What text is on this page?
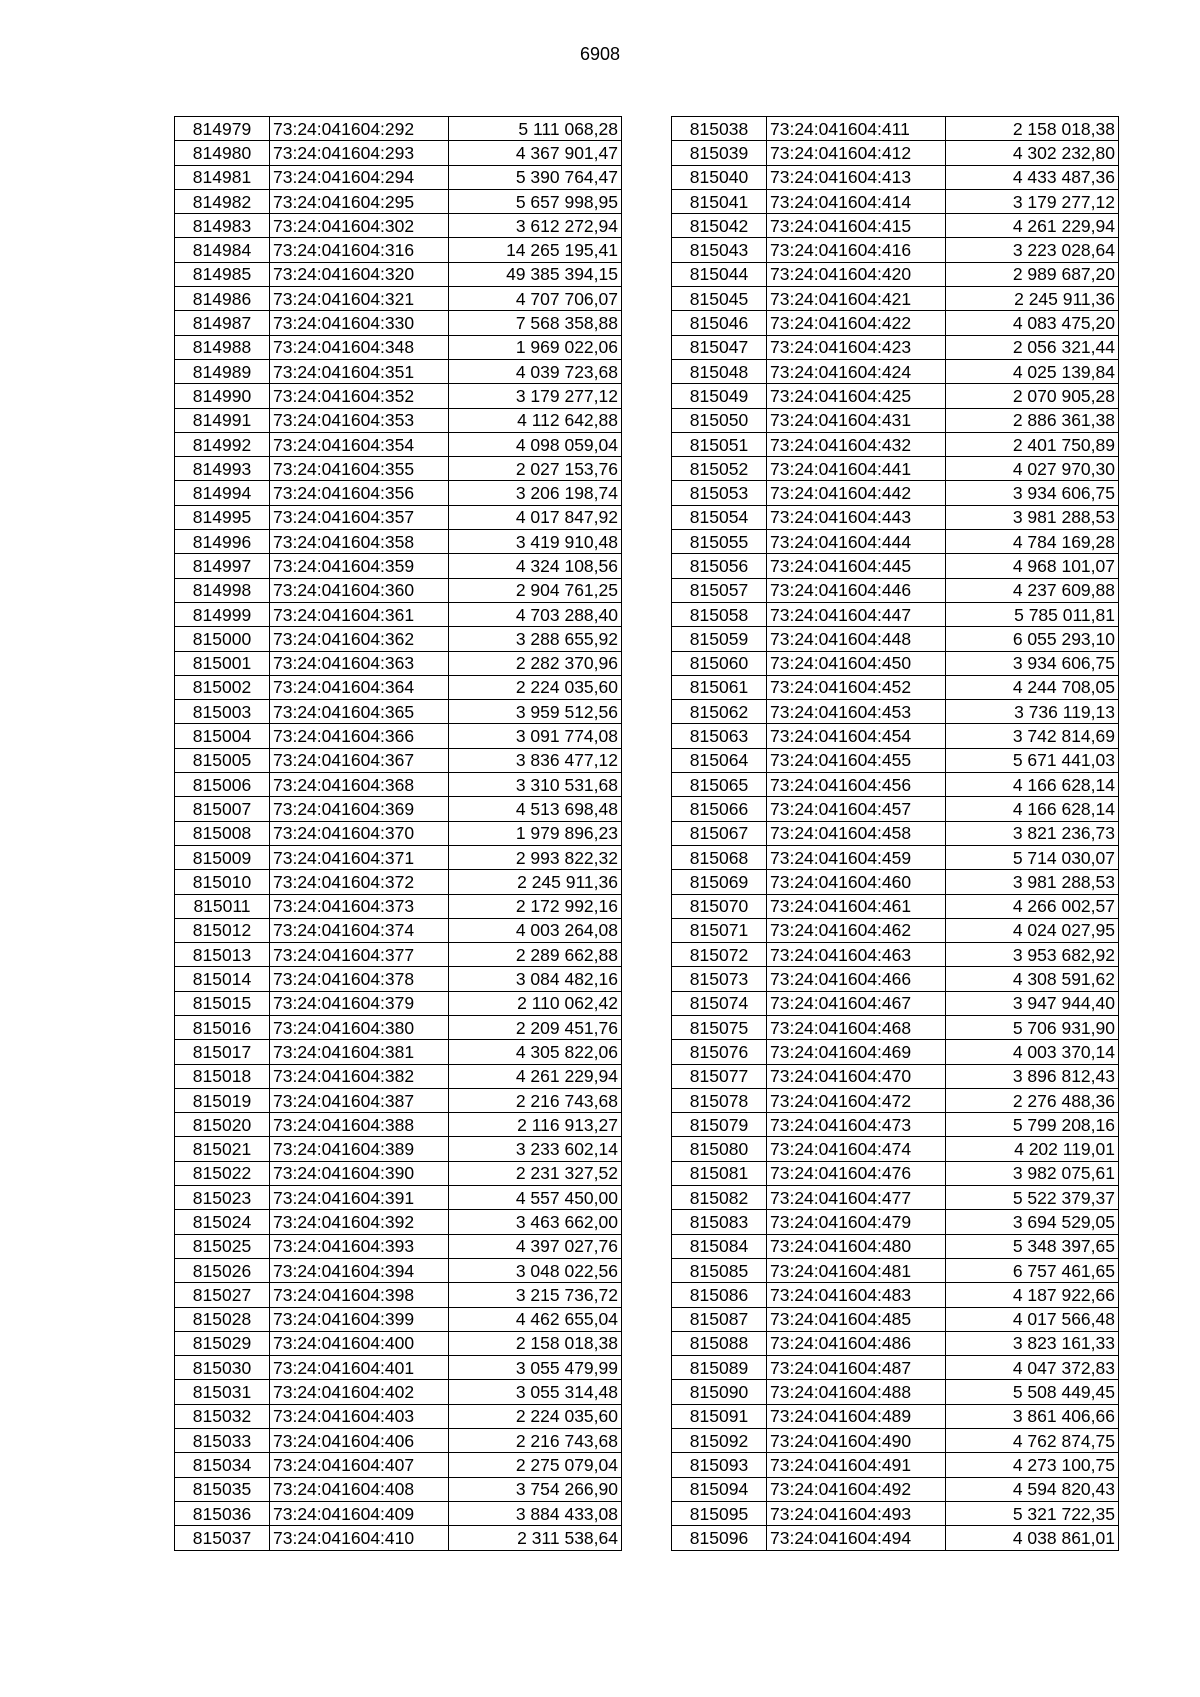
6908
814979	73:24:041604:292	5 111 068,28
814980	73:24:041604:293	4 367 901,47
814981	73:24:041604:294	5 390 764,47
814982	73:24:041604:295	5 657 998,95
814983	73:24:041604:302	3 612 272,94
814984	73:24:041604:316	14 265 195,41
814985	73:24:041604:320	49 385 394,15
814986	73:24:041604:321	4 707 706,07
814987	73:24:041604:330	7 568 358,88
814988	73:24:041604:348	1 969 022,06
814989	73:24:041604:351	4 039 723,68
814990	73:24:041604:352	3 179 277,12
814991	73:24:041604:353	4 112 642,88
814992	73:24:041604:354	4 098 059,04
814993	73:24:041604:355	2 027 153,76
814994	73:24:041604:356	3 206 198,74
814995	73:24:041604:357	4 017 847,92
814996	73:24:041604:358	3 419 910,48
814997	73:24:041604:359	4 324 108,56
814998	73:24:041604:360	2 904 761,25
814999	73:24:041604:361	4 703 288,40
815000	73:24:041604:362	3 288 655,92
815001	73:24:041604:363	2 282 370,96
815002	73:24:041604:364	2 224 035,60
815003	73:24:041604:365	3 959 512,56
815004	73:24:041604:366	3 091 774,08
815005	73:24:041604:367	3 836 477,12
815006	73:24:041604:368	3 310 531,68
815007	73:24:041604:369	4 513 698,48
815008	73:24:041604:370	1 979 896,23
815009	73:24:041604:371	2 993 822,32
815010	73:24:041604:372	2 245 911,36
815011	73:24:041604:373	2 172 992,16
815012	73:24:041604:374	4 003 264,08
815013	73:24:041604:377	2 289 662,88
815014	73:24:041604:378	3 084 482,16
815015	73:24:041604:379	2 110 062,42
815016	73:24:041604:380	2 209 451,76
815017	73:24:041604:381	4 305 822,06
815018	73:24:041604:382	4 261 229,94
815019	73:24:041604:387	2 216 743,68
815020	73:24:041604:388	2 116 913,27
815021	73:24:041604:389	3 233 602,14
815022	73:24:041604:390	2 231 327,52
815023	73:24:041604:391	4 557 450,00
815024	73:24:041604:392	3 463 662,00
815025	73:24:041604:393	4 397 027,76
815026	73:24:041604:394	3 048 022,56
815027	73:24:041604:398	3 215 736,72
815028	73:24:041604:399	4 462 655,04
815029	73:24:041604:400	2 158 018,38
815030	73:24:041604:401	3 055 479,99
815031	73:24:041604:402	3 055 314,48
815032	73:24:041604:403	2 224 035,60
815033	73:24:041604:406	2 216 743,68
815034	73:24:041604:407	2 275 079,04
815035	73:24:041604:408	3 754 266,90
815036	73:24:041604:409	3 884 433,08
815037	73:24:041604:410	2 311 538,64
815038	73:24:041604:411	2 158 018,38
815039	73:24:041604:412	4 302 232,80
815040	73:24:041604:413	4 433 487,36
815041	73:24:041604:414	3 179 277,12
815042	73:24:041604:415	4 261 229,94
815043	73:24:041604:416	3 223 028,64
815044	73:24:041604:420	2 989 687,20
815045	73:24:041604:421	2 245 911,36
815046	73:24:041604:422	4 083 475,20
815047	73:24:041604:423	2 056 321,44
815048	73:24:041604:424	4 025 139,84
815049	73:24:041604:425	2 070 905,28
815050	73:24:041604:431	2 886 361,38
815051	73:24:041604:432	2 401 750,89
815052	73:24:041604:441	4 027 970,30
815053	73:24:041604:442	3 934 606,75
815054	73:24:041604:443	3 981 288,53
815055	73:24:041604:444	4 784 169,28
815056	73:24:041604:445	4 968 101,07
815057	73:24:041604:446	4 237 609,88
815058	73:24:041604:447	5 785 011,81
815059	73:24:041604:448	6 055 293,10
815060	73:24:041604:450	3 934 606,75
815061	73:24:041604:452	4 244 708,05
815062	73:24:041604:453	3 736 119,13
815063	73:24:041604:454	3 742 814,69
815064	73:24:041604:455	5 671 441,03
815065	73:24:041604:456	4 166 628,14
815066	73:24:041604:457	4 166 628,14
815067	73:24:041604:458	3 821 236,73
815068	73:24:041604:459	5 714 030,07
815069	73:24:041604:460	3 981 288,53
815070	73:24:041604:461	4 266 002,57
815071	73:24:041604:462	4 024 027,95
815072	73:24:041604:463	3 953 682,92
815073	73:24:041604:466	4 308 591,62
815074	73:24:041604:467	3 947 944,40
815075	73:24:041604:468	5 706 931,90
815076	73:24:041604:469	4 003 370,14
815077	73:24:041604:470	3 896 812,43
815078	73:24:041604:472	2 276 488,36
815079	73:24:041604:473	5 799 208,16
815080	73:24:041604:474	4 202 119,01
815081	73:24:041604:476	3 982 075,61
815082	73:24:041604:477	5 522 379,37
815083	73:24:041604:479	3 694 529,05
815084	73:24:041604:480	5 348 397,65
815085	73:24:041604:481	6 757 461,65
815086	73:24:041604:483	4 187 922,66
815087	73:24:041604:485	4 017 566,48
815088	73:24:041604:486	3 823 161,33
815089	73:24:041604:487	4 047 372,83
815090	73:24:041604:488	5 508 449,45
815091	73:24:041604:489	3 861 406,66
815092	73:24:041604:490	4 762 874,75
815093	73:24:041604:491	4 273 100,75
815094	73:24:041604:492	4 594 820,43
815095	73:24:041604:493	5 321 722,35
815096	73:24:041604:494	4 038 861,01
